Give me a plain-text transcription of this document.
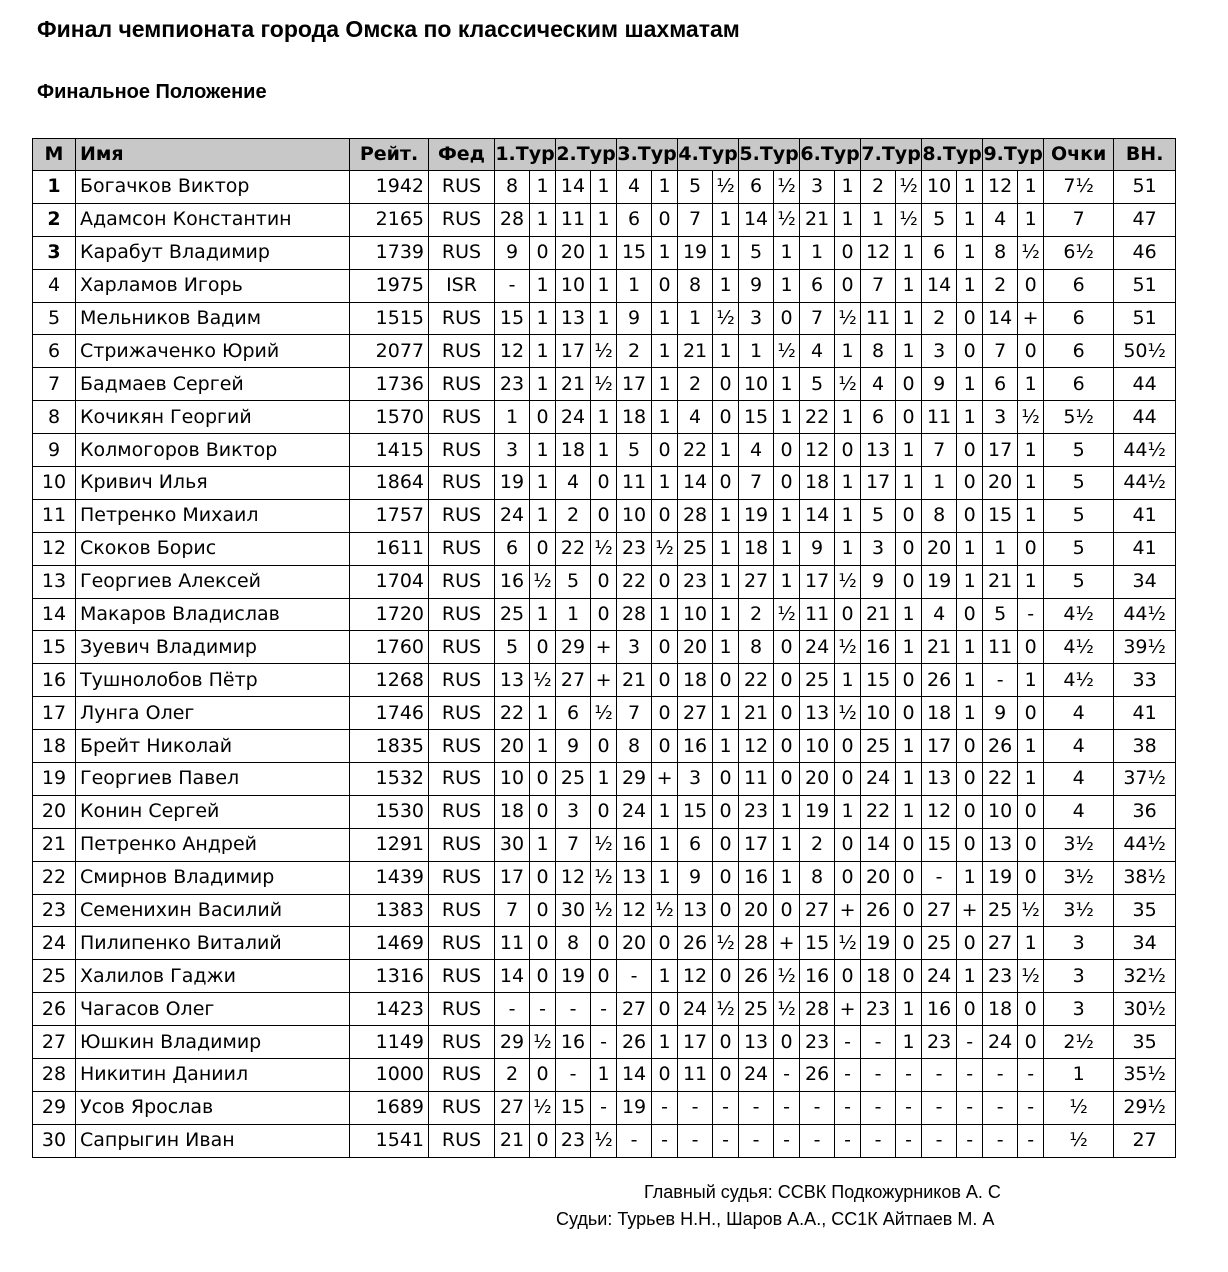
Финал чемпионата города Омска по классическим шахматам
Финальное Положение
М	Имя	Рейт.	Фед	1.Тур		2.Тур		3.Тур		4.Тур		5.Тур		6.Тур		7.Тур		8.Тур		9.Тур		Очки	ВН.
1	Богачков Виктор	1942	RUS	8	1	14	1	4	1	5	½	6	½	3	1	2	½	10	1	12	1	7½	51
2	Адамсон Константин	2165	RUS	28	1	11	1	6	0	7	1	14	½	21	1	1	½	5	1	4	1	7	47
3	Карабут Владимир	1739	RUS	9	0	20	1	15	1	19	1	5	1	1	0	12	1	6	1	8	½	6½	46
4	Харламов Игорь	1975	ISR	-	1	10	1	1	0	8	1	9	1	6	0	7	1	14	1	2	0	6	51
5	Мельников Вадим	1515	RUS	15	1	13	1	9	1	1	½	3	0	7	½	11	1	2	0	14	+	6	51
6	Стрижаченко Юрий	2077	RUS	12	1	17	½	2	1	21	1	1	½	4	1	8	1	3	0	7	0	6	50½
7	Бадмаев Сергей	1736	RUS	23	1	21	½	17	1	2	0	10	1	5	½	4	0	9	1	6	1	6	44
8	Кочикян Георгий	1570	RUS	1	0	24	1	18	1	4	0	15	1	22	1	6	0	11	1	3	½	5½	44
9	Колмогоров Виктор	1415	RUS	3	1	18	1	5	0	22	1	4	0	12	0	13	1	7	0	17	1	5	44½
10	Кривич Илья	1864	RUS	19	1	4	0	11	1	14	0	7	0	18	1	17	1	1	0	20	1	5	44½
11	Петренко Михаил	1757	RUS	24	1	2	0	10	0	28	1	19	1	14	1	5	0	8	0	15	1	5	41
12	Скоков Борис	1611	RUS	6	0	22	½	23	½	25	1	18	1	9	1	3	0	20	1	1	0	5	41
13	Георгиев Алексей	1704	RUS	16	½	5	0	22	0	23	1	27	1	17	½	9	0	19	1	21	1	5	34
14	Макаров Владислав	1720	RUS	25	1	1	0	28	1	10	1	2	½	11	0	21	1	4	0	5	-	4½	44½
15	Зуевич Владимир	1760	RUS	5	0	29	+	3	0	20	1	8	0	24	½	16	1	21	1	11	0	4½	39½
16	Тушнолобов Пётр	1268	RUS	13	½	27	+	21	0	18	0	22	0	25	1	15	0	26	1	-	1	4½	33
17	Лунга Олег	1746	RUS	22	1	6	½	7	0	27	1	21	0	13	½	10	0	18	1	9	0	4	41
18	Брейт Николай	1835	RUS	20	1	9	0	8	0	16	1	12	0	10	0	25	1	17	0	26	1	4	38
19	Георгиев Павел	1532	RUS	10	0	25	1	29	+	3	0	11	0	20	0	24	1	13	0	22	1	4	37½
20	Конин Сергей	1530	RUS	18	0	3	0	24	1	15	0	23	1	19	1	22	1	12	0	10	0	4	36
21	Петренко Андрей	1291	RUS	30	1	7	½	16	1	6	0	17	1	2	0	14	0	15	0	13	0	3½	44½
22	Смирнов Владимир	1439	RUS	17	0	12	½	13	1	9	0	16	1	8	0	20	0	-	1	19	0	3½	38½
23	Семенихин Василий	1383	RUS	7	0	30	½	12	½	13	0	20	0	27	+	26	0	27	+	25	½	3½	35
24	Пилипенко Виталий	1469	RUS	11	0	8	0	20	0	26	½	28	+	15	½	19	0	25	0	27	1	3	34
25	Халилов Гаджи	1316	RUS	14	0	19	0	-	1	12	0	26	½	16	0	18	0	24	1	23	½	3	32½
26	Чагасов Олег	1423	RUS	-	-	-	-	27	0	24	½	25	½	28	+	23	1	16	0	18	0	3	30½
27	Юшкин Владимир	1149	RUS	29	½	16	-	26	1	17	0	13	0	23	-	-	1	23	-	24	0	2½	35
28	Никитин Даниил	1000	RUS	2	0	-	1	14	0	11	0	24	-	26	-	-	-	-	-	-	-	1	35½
29	Усов Ярослав	1689	RUS	27	½	15	-	19	-	-	-	-	-	-	-	-	-	-	-	-	-	½	29½
30	Сапрыгин Иван	1541	RUS	21	0	23	½	-	-	-	-	-	-	-	-	-	-	-	-	-	-	½	27
Главный судья: ССВК Подкожурников А. С
Судьи: Турьев Н.Н., Шаров А.А., СС1К Айтпаев М. А
